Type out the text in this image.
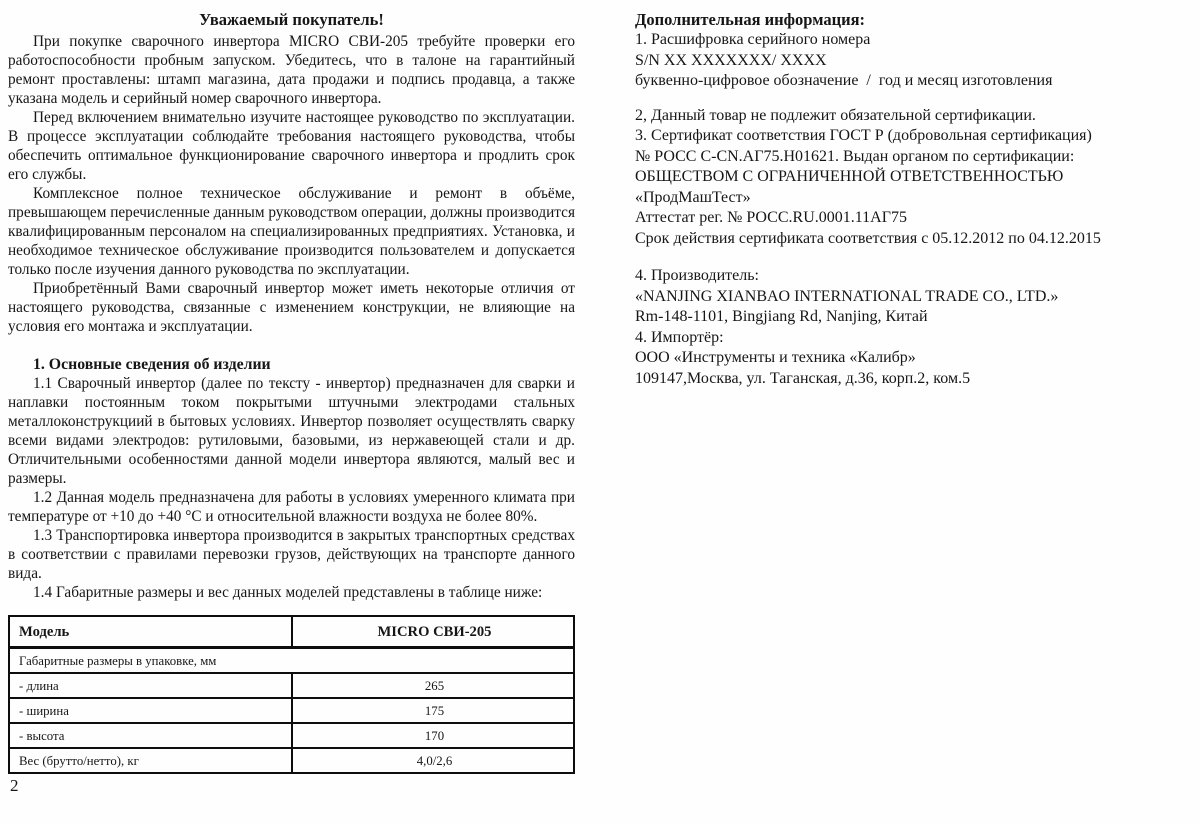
Уважаемый покупатель!

При покупке сварочного инвертора MICRO СВИ-205 требуйте проверки его работоспособности пробным запуском. Убедитесь, что в талоне на гарантийный ремонт проставлены: штамп магазина, дата продажи и подпись продавца, а также указана модель и серийный номер сварочного инвертора.

Перед включением внимательно изучите настоящее руководство по эксплуатации. В процессе эксплуатации соблюдайте требования настоящего руководства, чтобы обеспечить оптимальное функционирование сварочного инвертора и продлить срок его службы.

Комплексное полное техническое обслуживание и ремонт в объёме, превышающем перечисленные данным руководством операции, должны производится квалифицированным персоналом на специализированных предприятиях. Установка, и необходимое техническое обслуживание производится пользователем и допускается только после изучения данного руководства по эксплуатации.

Приобретённый Вами сварочный инвертор может иметь некоторые отличия от настоящего руководства, связанные с изменением конструкции, не влияющие на условия его монтажа и эксплуатации.

1. Основные сведения об изделии

1.1 Сварочный инвертор (далее по тексту - инвертор) предназначен для сварки и наплавки постоянным током покрытыми штучными электродами стальных металлоконструкциий в бытовых условиях. Инвертор позволяет осуществлять сварку всеми видами электродов: рутиловыми, базовыми, из нержавеющей стали и др. Отличительными особенностями данной модели инвертора являются, малый вес и размеры.

1.2 Данная модель предназначена для работы в условиях умеренного климата при температуре от +10 до +40 °С и относительной влажности воздуха не более 80%.

1.3 Транспортировка инвертора производится в закрытых транспортных средствах в соответствии с правилами перевозки грузов, действующих на транспорте данного вида.

1.4 Габаритные размеры и вес данных моделей представлены в таблице ниже:

Модель	MICRO СВИ-205
Габаритные размеры в упаковке, мм	
- длина	265
- ширина	175
- высота	170
Вес (брутто/нетто), кг	4,0/2,6
2
Дополнительная информация:

1. Расшифровка серийного номера

S/N XX XXXXXXX/ XXXX

буквенно-цифровое обозначение  /  год и месяц изготовления

2, Данный товар не подлежит обязательной сертификации.

3. Сертификат соответствия ГОСТ Р (добровольная сертификация)

№ РОСС C-CN.АГ75.Н01621. Выдан органом по сертификации:

ОБЩЕСТВОМ С ОГРАНИЧЕННОЙ ОТВЕТСТВЕННОСТЬЮ

«ПродМашТест»

Аттестат рег. № РОСС.RU.0001.11АГ75

Срок действия сертификата соответствия с 05.12.2012 по 04.12.2015

4. Производитель:

«NANJING XIANBAO INTERNATIONAL TRADE CO., LTD.»

Rm-148-1101, Bingjiang Rd, Nanjing, Китай

4. Импортёр:

ООО «Инструменты и техника «Калибр»

109147,Москва, ул. Таганская, д.36, корп.2, ком.5
